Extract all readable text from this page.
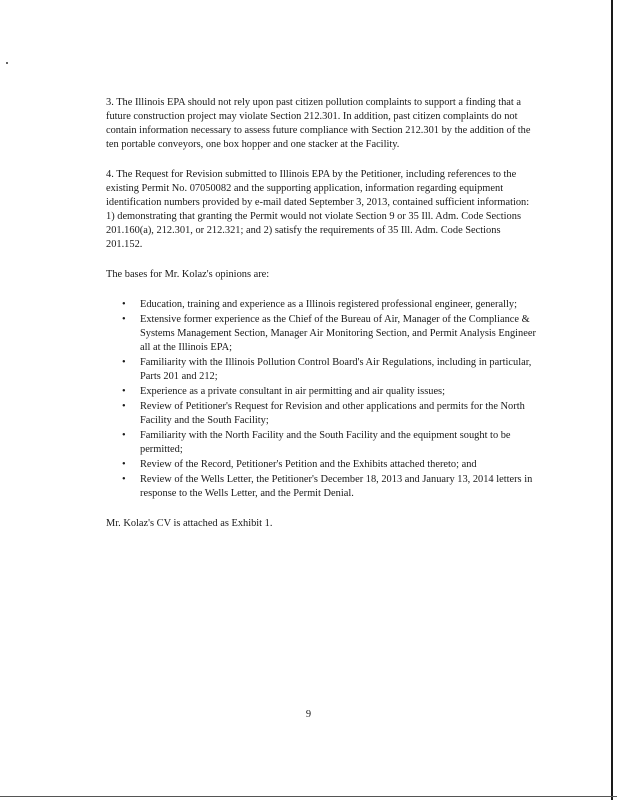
3. The Illinois EPA should not rely upon past citizen pollution complaints to support a finding that a future construction project may violate Section 212.301. In addition, past citizen complaints do not contain information necessary to assess future compliance with Section 212.301 by the addition of the ten portable conveyors, one box hopper and one stacker at the Facility.

4. The Request for Revision submitted to Illinois EPA by the Petitioner, including references to the existing Permit No. 07050082 and the supporting application, information regarding equipment identification numbers provided by e-mail dated September 3, 2013, contained sufficient information: 1) demonstrating that granting the Permit would not violate Section 9 or 35 Ill. Adm. Code Sections 201.160(a), 212.301, or 212.321; and 2) satisfy the requirements of 35 Ill. Adm. Code Sections 201.152.

The bases for Mr. Kolaz's opinions are:

• Education, training and experience as a Illinois registered professional engineer, generally;
• Extensive former experience as the Chief of the Bureau of Air, Manager of the Compliance & Systems Management Section, Manager Air Monitoring Section, and Permit Analysis Engineer all at the Illinois EPA;
• Familiarity with the Illinois Pollution Control Board's Air Regulations, including in particular, Parts 201 and 212;
• Experience as a private consultant in air permitting and air quality issues;
• Review of Petitioner's Request for Revision and other applications and permits for the North Facility and the South Facility;
• Familiarity with the North Facility and the South Facility and the equipment sought to be permitted;
• Review of the Record, Petitioner's Petition and the Exhibits attached thereto; and
• Review of the Wells Letter, the Petitioner's December 18, 2013 and January 13, 2014 letters in response to the Wells Letter, and the Permit Denial.

Mr. Kolaz's CV is attached as Exhibit 1.

9
